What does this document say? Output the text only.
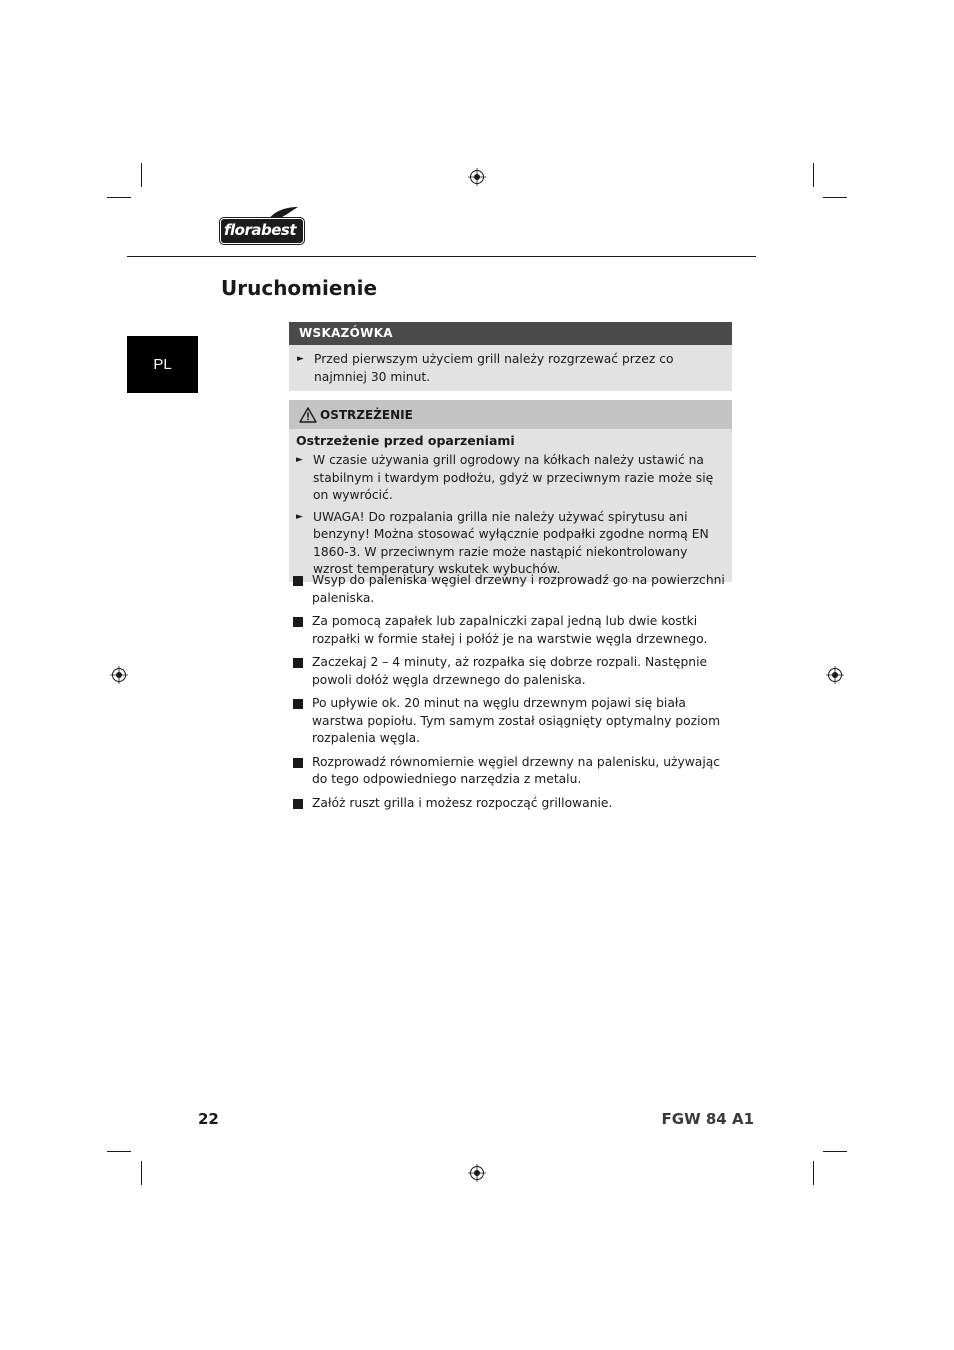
florabest
Uruchomienie
PL
WSKAZÓWKA
► Przed pierwszym użyciem grill należy rozgrzewać przez co najmniej 30 minut.
OSTRZEŻENIE

Ostrzeżenie przed oparzeniami

► W czasie używania grill ogrodowy na kółkach należy ustawić na stabilnym i twardym podłożu, gdyż w przeciwnym razie może się on wywrócić.
► UWAGA! Do rozpalania grilla nie należy używać spirytusu ani benzyny! Można stosować wyłącznie podpałki zgodne normą EN 1860-3. W przeciwnym razie może nastąpić niekontrolowany wzrost temperatury wskutek wybuchów.
Wsyp do paleniska węgiel drzewny i rozprowadź go na powierzchni paleniska.
Za pomocą zapałek lub zapalniczki zapal jedną lub dwie kostki rozpałki w formie stałej i połóż je na warstwie węgla drzewnego.
Zaczekaj 2 – 4 minuty, aż rozpałka się dobrze rozpali. Następnie powoli dołóż węgla drzewnego do paleniska.
Po upływie ok. 20 minut na węglu drzewnym pojawi się biała warstwa popiołu. Tym samym został osiągnięty optymalny poziom rozpalenia węgla.
Rozprowadź równomiernie węgiel drzewny na palenisku, używając do tego odpowiedniego narzędzia z metalu.
Załóż ruszt grilla i możesz rozpocząć grillowanie.
22	FGW 84 A1
